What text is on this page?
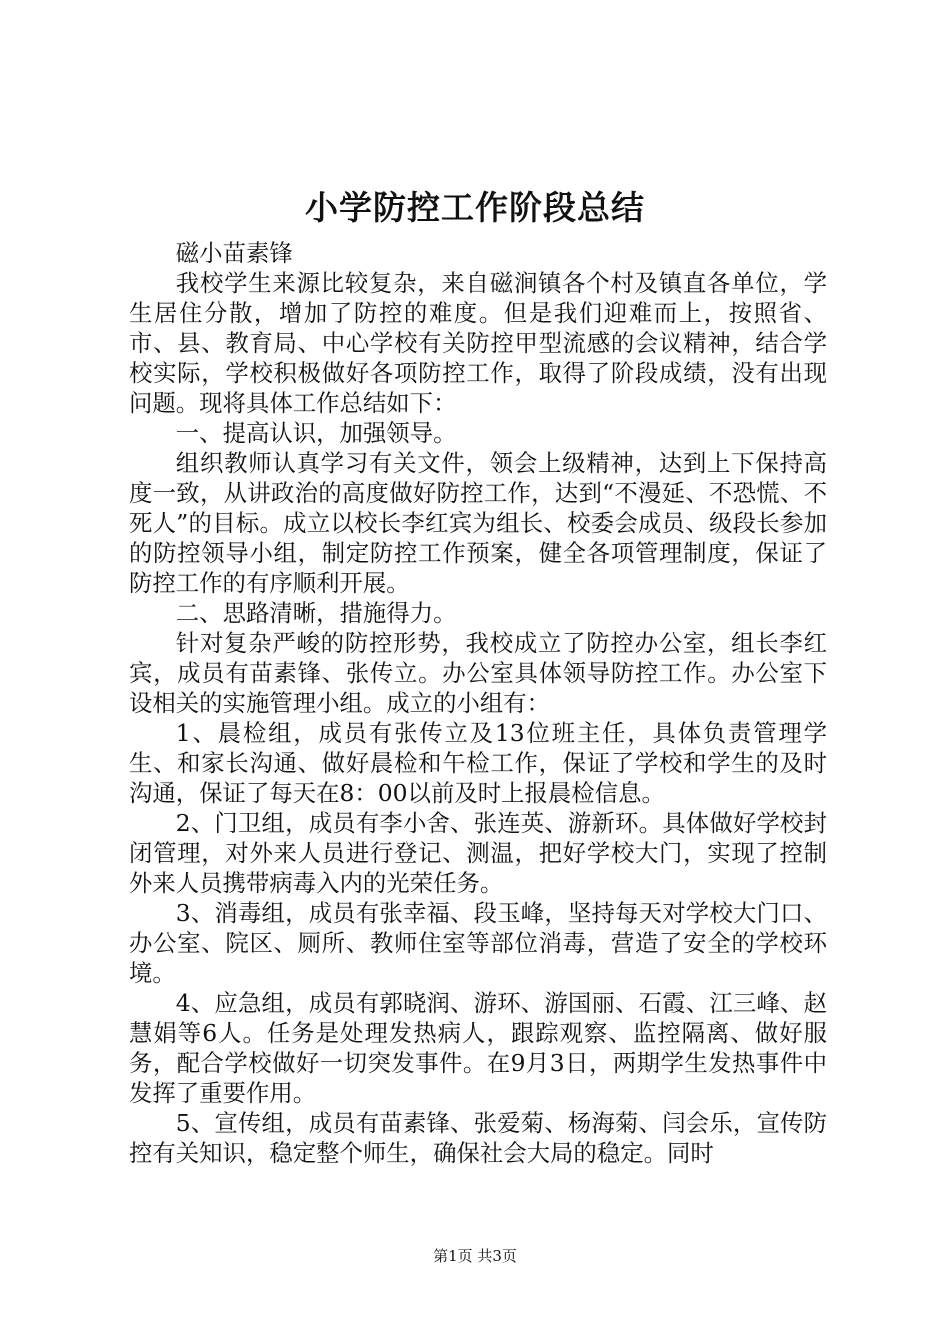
小学防控工作阶段总结

磁小苗素锋

我校学生来源比较复杂，来自磁涧镇各个村及镇直各单位，学生居住分散，增加了防控的难度。但是我们迎难而上，按照省、市、县、教育局、中心学校有关防控甲型流感的会议精神，结合学校实际，学校积极做好各项防控工作，取得了阶段成绩，没有出现问题。现将具体工作总结如下：

一、提高认识，加强领导。

组织教师认真学习有关文件，领会上级精神，达到上下保持高度一致，从讲政治的高度做好防控工作，达到“不漫延、不恐慌、不死人”的目标。成立以校长李红宾为组长、校委会成员、级段长参加的防控领导小组，制定防控工作预案，健全各项管理制度，保证了防控工作的有序顺利开展。

二、思路清晰，措施得力。

针对复杂严峻的防控形势，我校成立了防控办公室，组长李红宾，成员有苗素锋、张传立。办公室具体领导防控工作。办公室下设相关的实施管理小组。成立的小组有：

1、晨检组，成员有张传立及13位班主任，具体负责管理学生、和家长沟通、做好晨检和午检工作，保证了学校和学生的及时沟通，保证了每天在8：00以前及时上报晨检信息。

2、门卫组，成员有李小舍、张连英、游新环。具体做好学校封闭管理，对外来人员进行登记、测温，把好学校大门，实现了控制外来人员携带病毒入内的光荣任务。

3、消毒组，成员有张幸福、段玉峰，坚持每天对学校大门口、办公室、院区、厕所、教师住室等部位消毒，营造了安全的学校环境。

4、应急组，成员有郭晓润、游环、游国丽、石霞、江三峰、赵慧娟等6人。任务是处理发热病人，跟踪观察、监控隔离、做好服务，配合学校做好一切突发事件。在9月3日，两期学生发热事件中发挥了重要作用。

5、宣传组，成员有苗素锋、张爱菊、杨海菊、闫会乐，宣传防控有关知识，稳定整个师生，确保社会大局的稳定。同时

第1页 共3页
